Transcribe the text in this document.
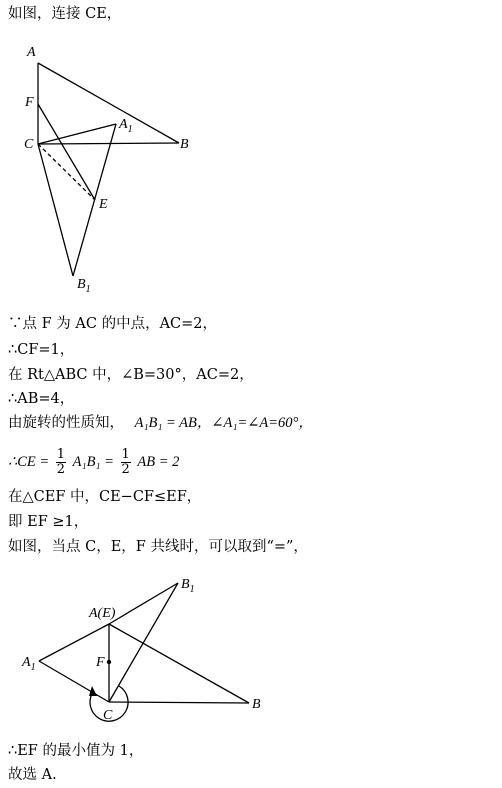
如图，连接 CE，
A
F
C
$A_1$
B
E
$B_1$
∵点 F 为 AC 的中点，AC=2，
∴CF=1，
在 Rt△ABC 中，∠B=30°，AC=2，
∴AB=4，
由旋转的性质知， A₁B₁ = AB，∠A₁=∠A=60°，
∴CE = $\frac{1}{2} A_1B_1 = \frac{1}{2}$ AB = 2
在△CEF 中，CE−CF≤EF，
即 EF ≥1，
如图，当点 C，E，F 共线时，可以取到“=”，
A(E)
$B_1$
$A_1$	F
C
B
∴EF 的最小值为 1，
故选 A.
